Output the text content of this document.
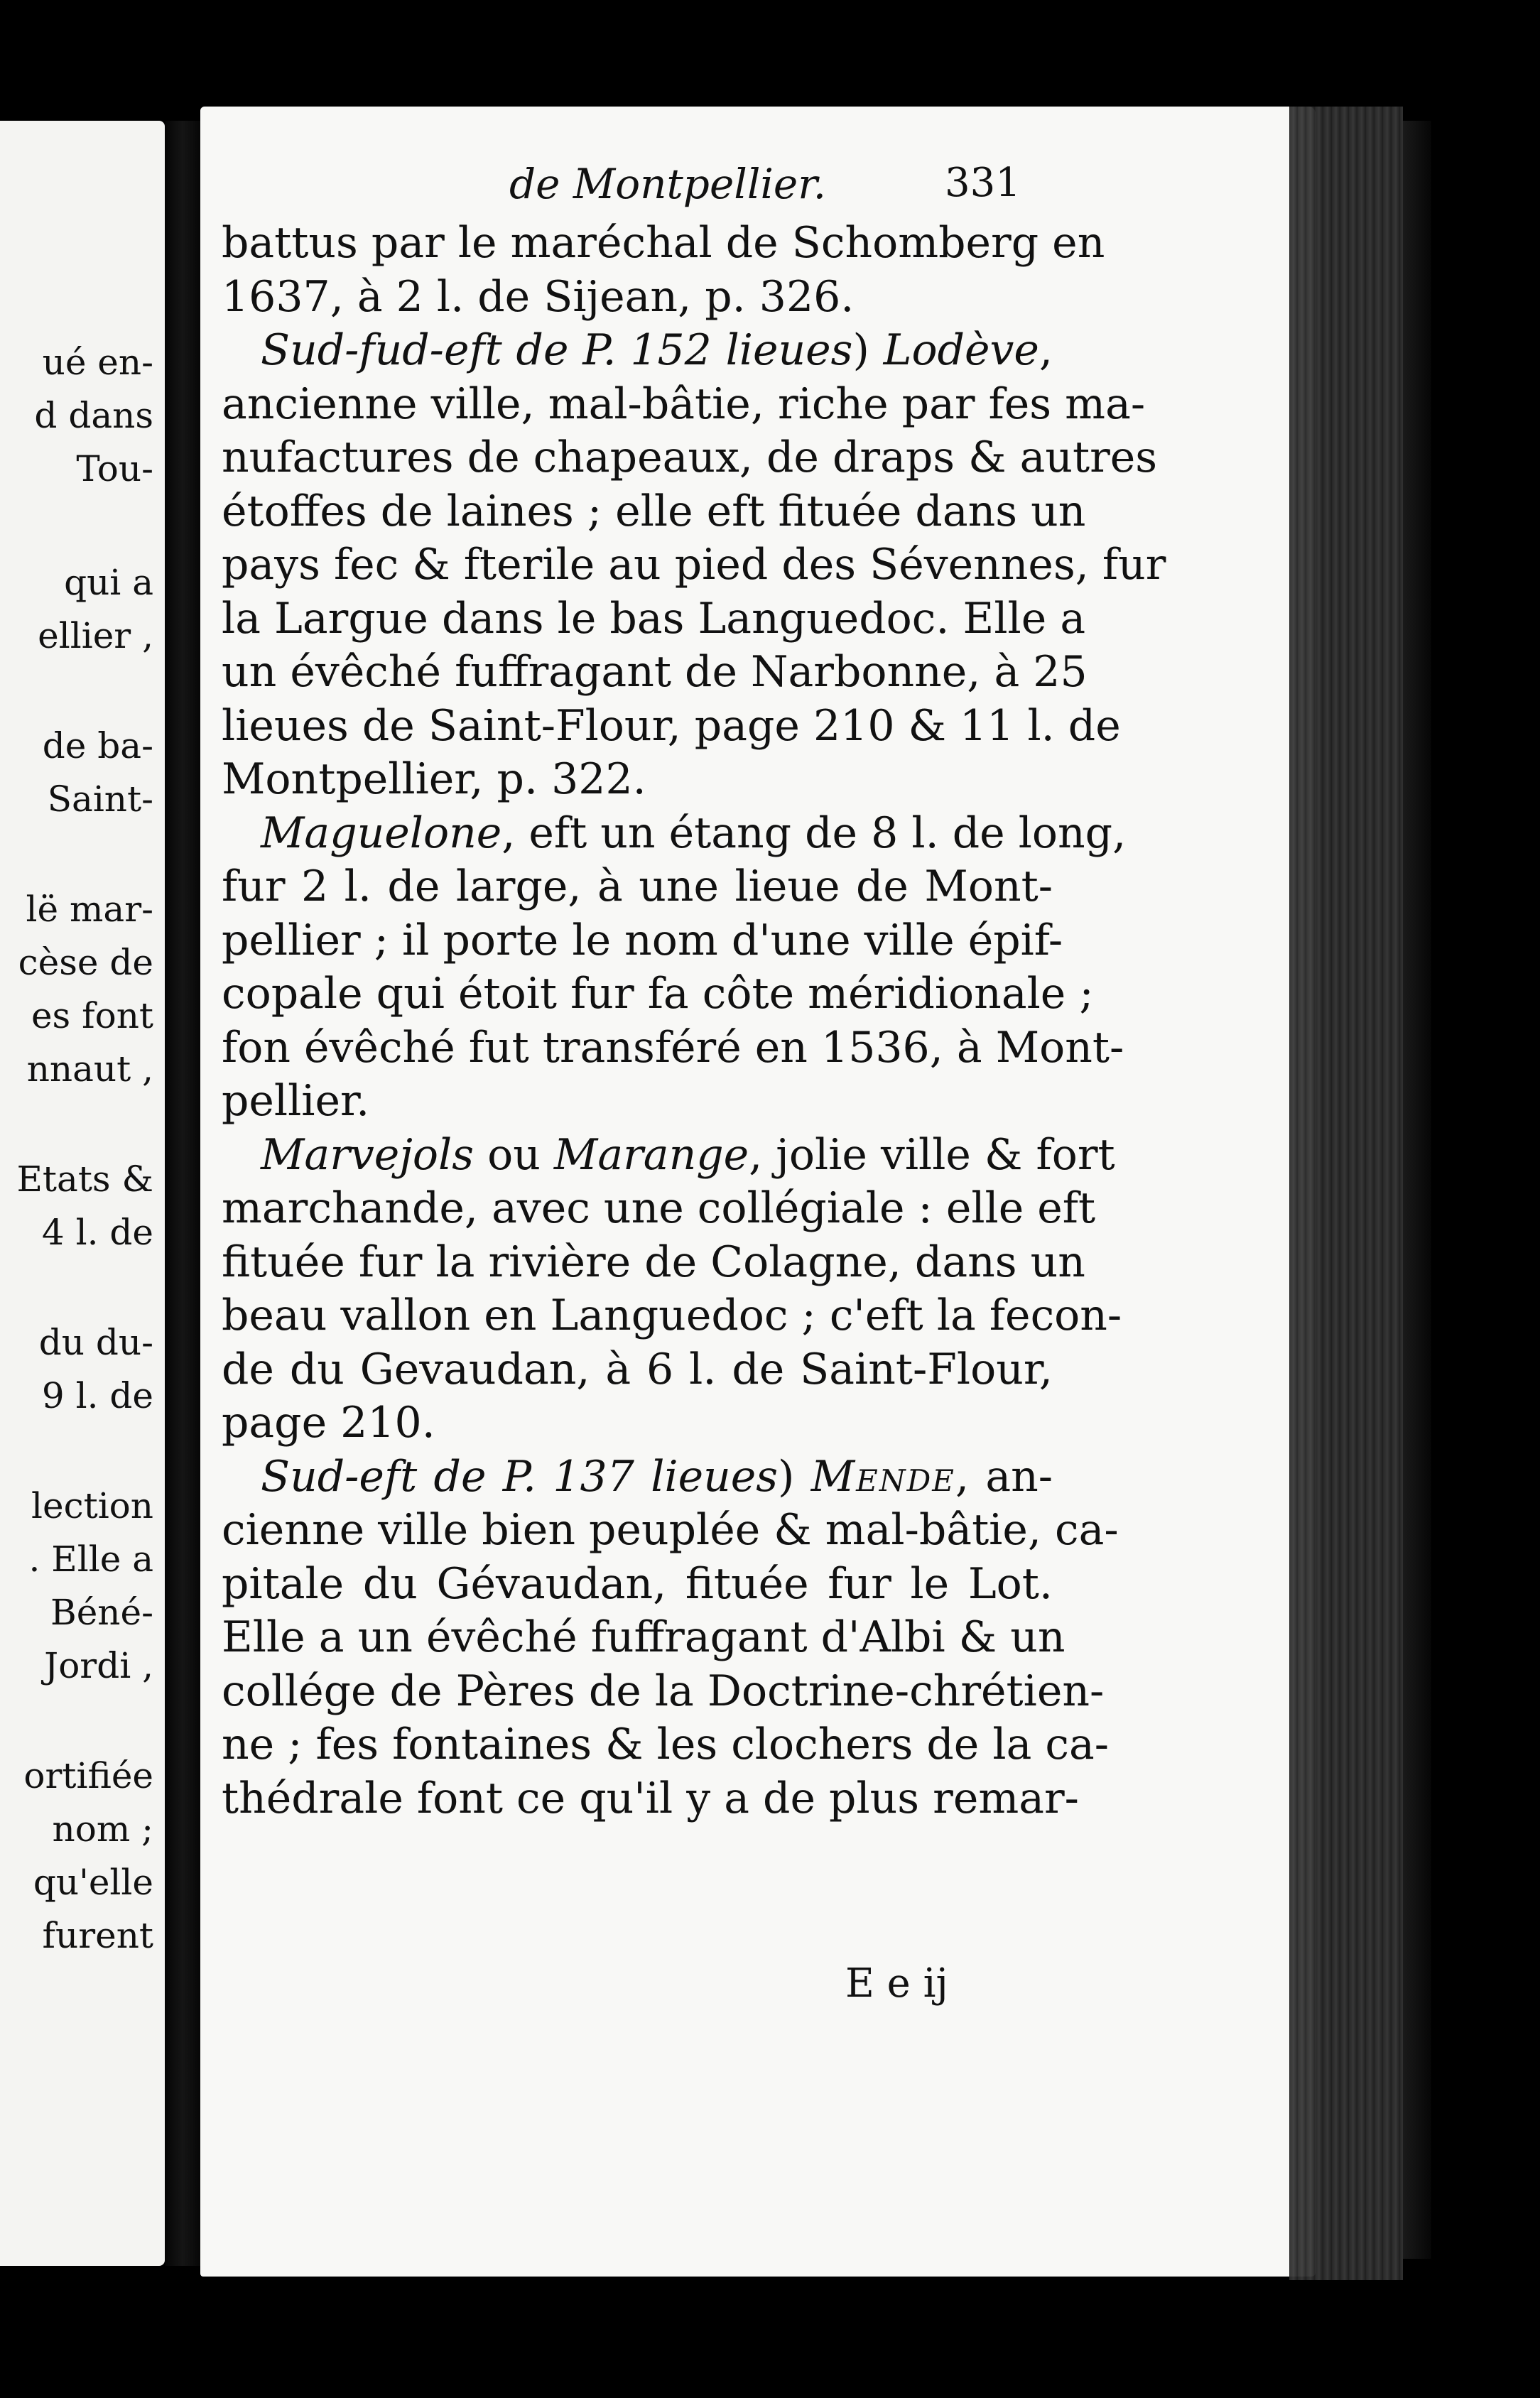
ué en-
d dans
Tou-
qui a
ellier ,
de ba-
Saint-
lë mar-
cèse de
es font
nnaut ,
Etats &
4 l. de
du du-
9 l. de
lection
. Elle a
Béné-
Jordi ,
ortifiée
nom ;
qu'elle
furent
de Montpellier.	331
battus par le maréchal de Schomberg en
1637, à 2 l. de Sijean, p. 326.
Sud-fud-eft de P. 152 lieues) Lodève,
ancienne ville, mal-bâtie, riche par fes ma-
nufactures de chapeaux, de draps & autres
étoffes de laines ; elle eft fituée dans un
pays fec & fterile au pied des Sévennes, fur
la Largue dans le bas Languedoc. Elle a
un évêché fuffragant de Narbonne, à 25
lieues de Saint-Flour, page 210 & 11 l. de
Montpellier, p. 322.
Maguelone, eft un étang de 8 l. de long,
fur 2 l. de large, à une lieue de Mont-
pellier ; il porte le nom d'une ville épif-
copale qui étoit fur fa côte méridionale ;
fon évêché fut transféré en 1536, à Mont-
pellier.
Marvejols ou Marange, jolie ville & fort
marchande, avec une collégiale : elle eft
fituée fur la rivière de Colagne, dans un
beau vallon en Languedoc ; c'eft la fecon-
de du Gevaudan, à 6 l. de Saint-Flour,
page 210.
Sud-eft de P. 137 lieues) Mende, an-
cienne ville bien peuplée & mal-bâtie, ca-
pitale du Gévaudan, fituée fur le Lot.
Elle a un évêché fuffragant d'Albi & un
collége de Pères de la Doctrine-chrétien-
ne ; fes fontaines & les clochers de la ca-
thédrale font ce qu'il y a de plus remar-
E e ij
